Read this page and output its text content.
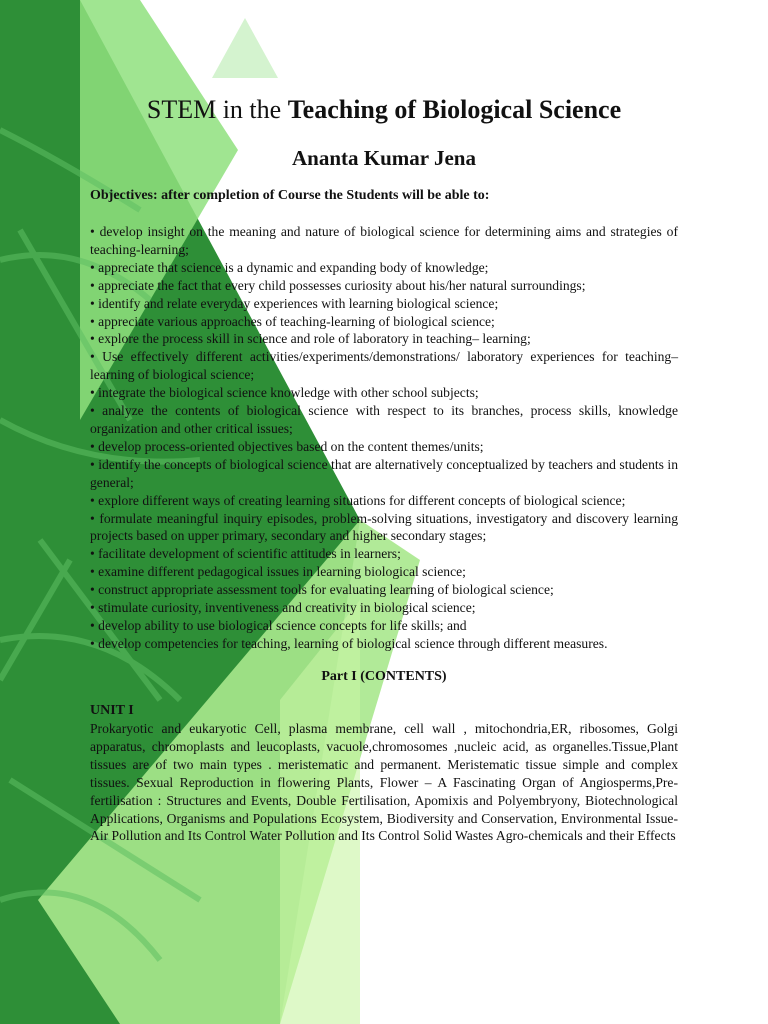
STEM in the Teaching of Biological Science
Ananta Kumar Jena
Objectives: after completion of Course the Students will be able to:
• develop insight on the meaning and nature of biological science for determining aims and strategies of teaching-learning;
• appreciate that science is a dynamic and expanding body of knowledge;
• appreciate the fact that every child possesses curiosity about his/her natural surroundings;
• identify and relate everyday experiences with learning biological science;
• appreciate various approaches of teaching-learning of biological science;
• explore the process skill in science and role of laboratory in teaching– learning;
• Use effectively different activities/experiments/demonstrations/ laboratory experiences for teaching–learning of biological science;
• integrate the biological science knowledge with other school subjects;
• analyze the contents of biological science with respect to its branches, process skills, knowledge organization and other critical issues;
• develop process-oriented objectives based on the content themes/units;
• identify the concepts of biological science that are alternatively conceptualized by teachers and students in general;
• explore different ways of creating learning situations for different concepts of biological science;
• formulate meaningful inquiry episodes, problem-solving situations, investigatory and discovery learning projects based on upper primary, secondary and higher secondary stages;
• facilitate development of scientific attitudes in learners;
• examine different pedagogical issues in learning biological science;
• construct appropriate assessment tools for evaluating learning of biological science;
• stimulate curiosity, inventiveness and creativity in biological science;
• develop ability to use biological science concepts for life skills; and
• develop competencies for teaching, learning of biological science through different measures.
Part I (CONTENTS)
UNIT I

Prokaryotic and eukaryotic Cell, plasma membrane, cell wall , mitochondria,ER, ribosomes, Golgi apparatus, chromoplasts and leucoplasts, vacuole,chromosomes ,nucleic acid, as organelles.Tissue,Plant tissues are of two main types . meristematic and permanent. Meristematic tissue simple and complex tissues. Sexual Reproduction in flowering Plants, Flower – A Fascinating Organ of Angiosperms,Pre-fertilisation : Structures and Events, Double Fertilisation, Apomixis and Polyembryony, Biotechnological Applications, Organisms and Populations Ecosystem, Biodiversity and Conservation, Environmental Issue-Air Pollution and Its Control Water Pollution and Its Control Solid Wastes Agro-chemicals and their Effects
